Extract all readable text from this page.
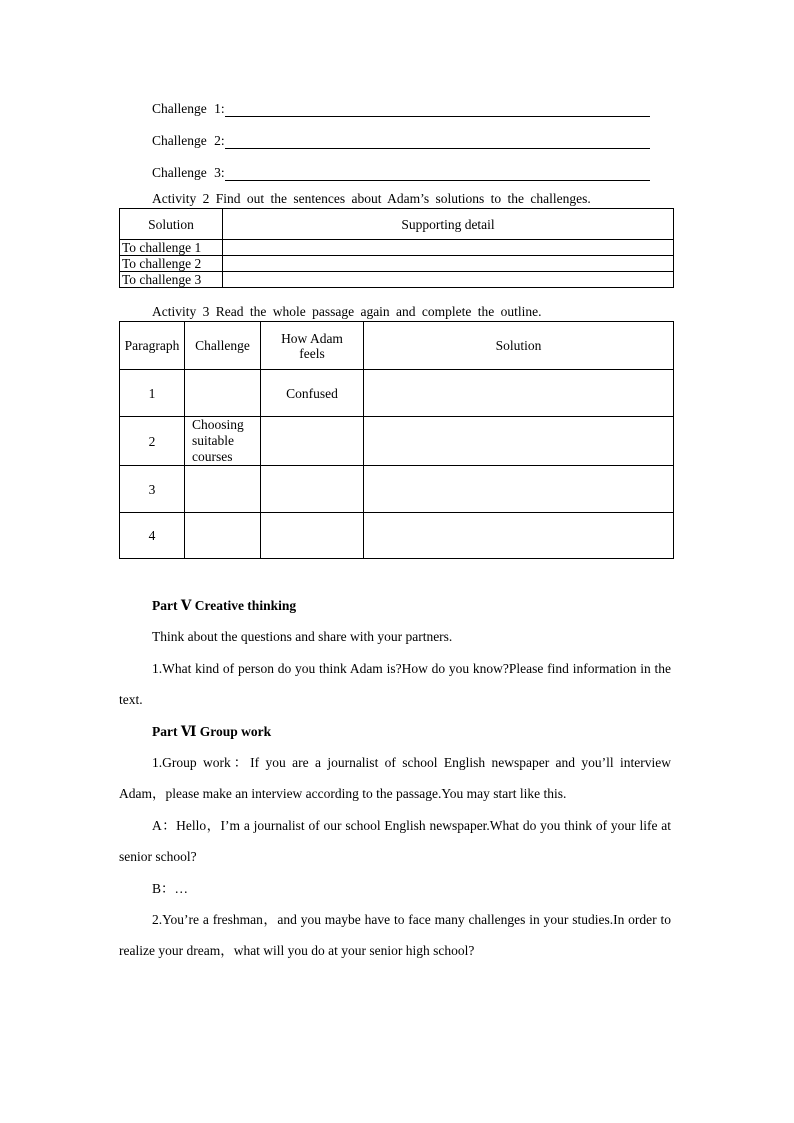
Challenge 1:
Challenge 2:
Challenge 3:
Activity 2 Find out the sentences about Adam’s solutions to the challenges.
Solution	Supporting detail
To challenge 1	
To challenge 2	
To challenge 3	
Activity 3 Read the whole passage again and complete the outline.
Paragraph	Challenge	How Adam feels	Solution
1		Confused	
2	Choosing suitable courses		
3			
4			

Part Ⅴ Creative thinking

Think about the questions and share with your partners.

1.What kind of person do you think Adam is?How do you know?Please find information in the text.

Part Ⅵ Group work

1.Group work：If you are a journalist of school English newspaper and you’ll interview Adam，please make an interview according to the passage.You may start like this.

A：Hello，I’m a journalist of our school English newspaper.What do you think of your life at senior school?

B：…

2.You’re a freshman，and you maybe have to face many challenges in your studies.In order to realize your dream，what will you do at your senior high school?
